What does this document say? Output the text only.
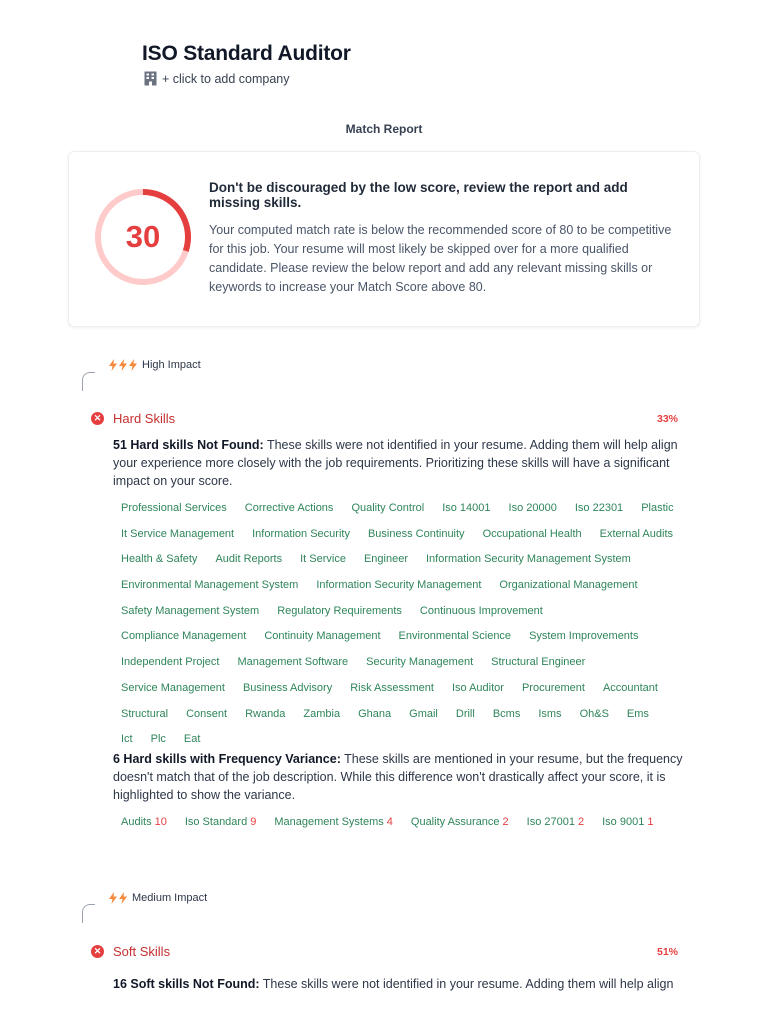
ISO Standard Auditor
+ click to add company
Match Report
30
Don't be discouraged by the low score, review the report and add missing skills.
Your computed match rate is below the recommended score of 80 to be competitive for this job. Your resume will most likely be skipped over for a more qualified candidate. Please review the below report and add any relevant missing skills or keywords to increase your Match Score above 80.
High Impact
✕ Hard Skills	33%
51 Hard skills Not Found: These skills were not identified in your resume. Adding them will help align your experience more closely with the job requirements. Prioritizing these skills will have a significant impact on your score.
Professional Services	Corrective Actions	Quality Control	Iso 14001	Iso 20000	Iso 22301	Plastic
It Service Management	Information Security	Business Continuity	Occupational Health	External Audits
Health & Safety	Audit Reports	It Service	Engineer	Information Security Management System
Environmental Management System	Information Security Management	Organizational Management
Safety Management System	Regulatory Requirements	Continuous Improvement
Compliance Management	Continuity Management	Environmental Science	System Improvements
Independent Project	Management Software	Security Management	Structural Engineer
Service Management	Business Advisory	Risk Assessment	Iso Auditor	Procurement	Accountant
Structural	Consent	Rwanda	Zambia	Ghana	Gmail	Drill	Bcms	Isms	Oh&S	Ems
Ict	Plc	Eat
6 Hard skills with Frequency Variance: These skills are mentioned in your resume, but the frequency doesn't match that of the job description. While this difference won't drastically affect your score, it is highlighted to show the variance.
Audits 10	Iso Standard 9	Management Systems 4	Quality Assurance 2	Iso 27001 2	Iso 9001 1
Medium Impact
✕ Soft Skills	51%
16 Soft skills Not Found: These skills were not identified in your resume. Adding them will help align
